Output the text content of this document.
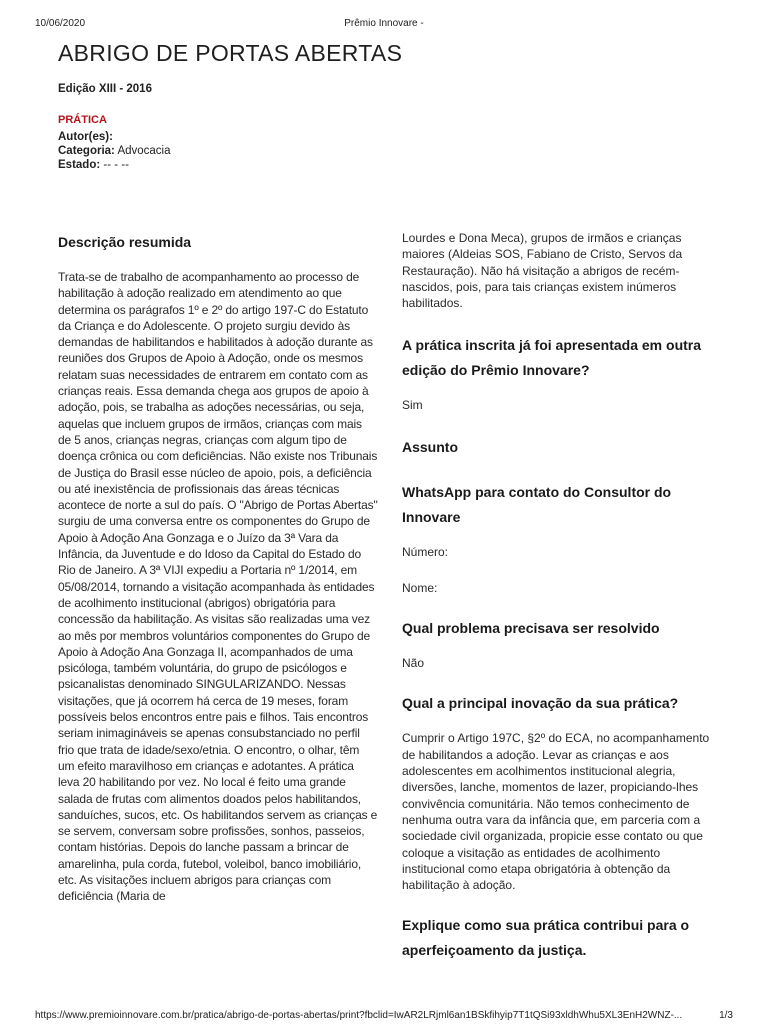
10/06/2020	Prêmio Innovare -
ABRIGO DE PORTAS ABERTAS
Edição XIII - 2016
PRÁTICA
Autor(es):
Categoria: Advocacia
Estado: -- - --
Descrição resumida

Trata-se de trabalho de acompanhamento ao processo de habilitação à adoção realizado em atendimento ao que determina os parágrafos 1º e 2º do artigo 197-C do Estatuto da Criança e do Adolescente. O projeto surgiu devido às demandas de habilitandos e habilitados à adoção durante as reuniões dos Grupos de Apoio à Adoção, onde os mesmos relatam suas necessidades de entrarem em contato com as crianças reais. Essa demanda chega aos grupos de apoio à adoção, pois, se trabalha as adoções necessárias, ou seja, aquelas que incluem grupos de irmãos, crianças com mais de 5 anos, crianças negras, crianças com algum tipo de doença crônica ou com deficiências. Não existe nos Tribunais de Justiça do Brasil esse núcleo de apoio, pois, a deficiência ou até inexistência de profissionais das áreas técnicas acontece de norte a sul do país. O "Abrigo de Portas Abertas" surgiu de uma conversa entre os componentes do Grupo de Apoio à Adoção Ana Gonzaga e o Juízo da 3ª Vara da Infância, da Juventude e do Idoso da Capital do Estado do Rio de Janeiro. A 3ª VIJI expediu a Portaria nº 1/2014, em 05/08/2014, tornando a visitação acompanhada às entidades de acolhimento institucional (abrigos) obrigatória para concessão da habilitação. As visitas são realizadas uma vez ao mês por membros voluntários componentes do Grupo de Apoio à Adoção Ana Gonzaga II, acompanhados de uma psicóloga, também voluntária, do grupo de psicólogos e psicanalistas denominado SINGULARIZANDO. Nessas visitações, que já ocorrem há cerca de 19 meses, foram possíveis belos encontros entre pais e filhos. Tais encontros seriam inimagináveis se apenas consubstanciado no perfil frio que trata de idade/sexo/etnia. O encontro, o olhar, têm um efeito maravilhoso em crianças e adotantes. A prática leva 20 habilitando por vez. No local é feito uma grande salada de frutas com alimentos doados pelos habilitandos, sanduíches, sucos, etc. Os habilitandos servem as crianças e se servem, conversam sobre profissões, sonhos, passeios, contam histórias. Depois do lanche passam a brincar de amarelinha, pula corda, futebol, voleibol, banco imobiliário, etc. As visitações incluem abrigos para crianças com deficiência (Maria de

Lourdes e Dona Meca), grupos de irmãos e crianças maiores (Aldeias SOS, Fabiano de Cristo, Servos da Restauração). Não há visitação a abrigos de recém-nascidos, pois, para tais crianças existem inúmeros habilitados.

A prática inscrita já foi apresentada em outra edição do Prêmio Innovare?

Sim

Assunto
WhatsApp para contato do Consultor do Innovare

Número:

Nome:

Qual problema precisava ser resolvido

Não

Qual a principal inovação da sua prática?

Cumprir o Artigo 197C, §2º do ECA, no acompanhamento de habilitandos a adoção. Levar as crianças e aos adolescentes em acolhimentos institucional alegria, diversões, lanche, momentos de lazer, propiciando-lhes convivência comunitária. Não temos conhecimento de nenhuma outra vara da infância que, em parceria com a sociedade civil organizada, propicie esse contato ou que coloque a visitação as entidades de acolhimento institucional como etapa obrigatória à obtenção da habilitação à adoção.

Explique como sua prática contribui para o aperfeiçoamento da justiça.
https://www.premioinnovare.com.br/pratica/abrigo-de-portas-abertas/print?fbclid=IwAR2LRjml6an1BSkfihyip7T1tQSi93xldhWhu5XL3EnH2WNZ-...	1/3
